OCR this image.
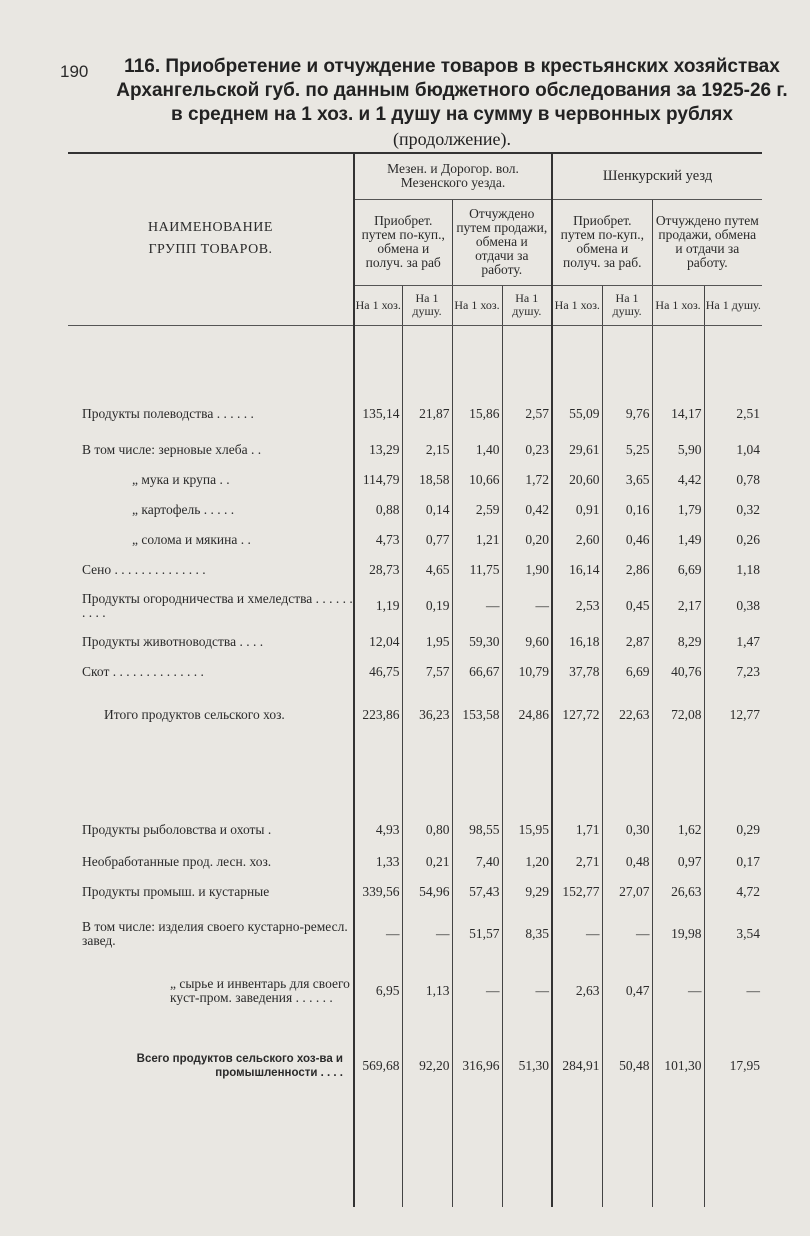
190	116. Приобретение и отчуждение товаров в крестьянских хозяйствах
Архангельской губ. по данным бюджетного обследования за 1925-26 г.
в среднем на 1 хоз. и 1 душу на сумму в червонных рублях
(продолжение).
НАИМЕНОВАНИЕ ГРУПП ТОВАРОВ.	Мезен. и Дорогор. вол. Мезенского уезда.				Шенкурский уезд			
	Приобрет. путем по-куп., обмена и получ. за раб		Отчуждено путем продажи, обмена и отдачи за работу.		Приобрет. путем по-куп., обмена и получ. за раб.		Отчуждено путем продажи, обмена и отдачи за работу.	
	На 1 хоз.	На 1 душу.	На 1 хоз.	На 1 душу.	На 1 хоз.	На 1 душу.	На 1 хоз.	На 1 душу.

Продукты полеводства . . . . . .	135,14	21,87	15,86	2,57	55,09	9,76	14,17	2,51
В том числе: зерновые хлеба . .	13,29	2,15	1,40	0,23	29,61	5,25	5,90	1,04
„ мука и крупа . .	114,79	18,58	10,66	1,72	20,60	3,65	4,42	0,78
„ картофель . . . . .	0,88	0,14	2,59	0,42	0,91	0,16	1,79	0,32
„ солома и мякина . .	4,73	0,77	1,21	0,20	2,60	0,46	1,49	0,26
Сено . . . . . . . . . . . . . .	28,73	4,65	11,75	1,90	16,14	2,86	6,69	1,18
Продукты огородничества и хмеледства . . . . . . . . . .	1,19	0,19	—	—	2,53	0,45	2,17	0,38
Продукты животноводства . . . .	12,04	1,95	59,30	9,60	16,18	2,87	8,29	1,47
Скот . . . . . . . . . . . . . .	46,75	7,57	66,67	10,79	37,78	6,69	40,76	7,23
Итого продуктов сельского хоз.	223,86	36,23	153,58	24,86	127,72	22,63	72,08	12,77

Продукты рыболовства и охоты .	4,93	0,80	98,55	15,95	1,71	0,30	1,62	0,29
Необработанные прод. лесн. хоз.	1,33	0,21	7,40	1,20	2,71	0,48	0,97	0,17
Продукты промыш. и кустарные	339,56	54,96	57,43	9,29	152,77	27,07	26,63	4,72
В том числе: изделия своего кустарно-ремесл. завед.	—	—	51,57	8,35	—	—	19,98	3,54
„ сырье и инвентарь для своего куст-пром. заведения . . . . . .	6,95	1,13	—	—	2,63	0,47	—	—
Всего продуктов сельского хоз-ва и промышленности . . . .	569,68	92,20	316,96	51,30	284,91	50,48	101,30	17,95
